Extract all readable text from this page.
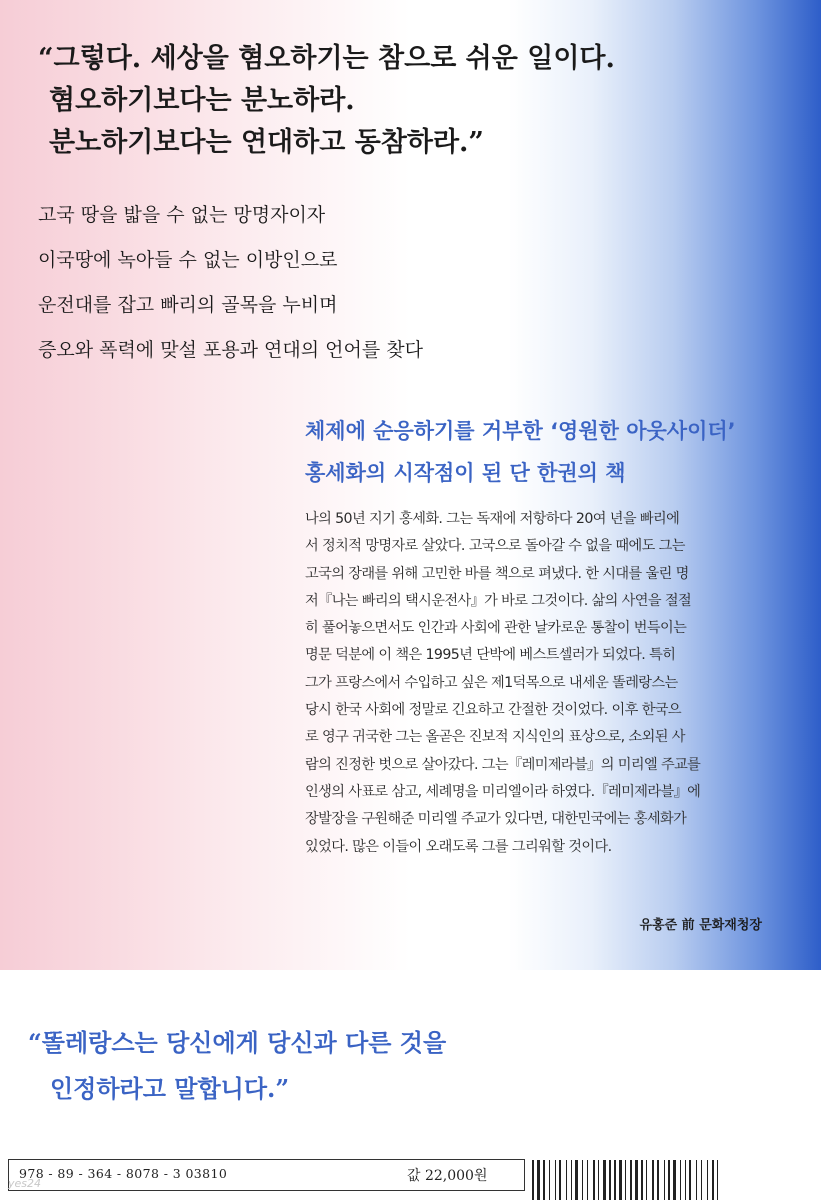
“그렇다. 세상을 혐오하기는 참으로 쉬운 일이다.
혐오하기보다는 분노하라.
분노하기보다는 연대하고 동참하라.”
고국 땅을 밟을 수 없는 망명자이자
이국땅에 녹아들 수 없는 이방인으로
운전대를 잡고 빠리의 골목을 누비며
증오와 폭력에 맞설 포용과 연대의 언어를 찾다
체제에 순응하기를 거부한 ‘영원한 아웃사이더’
홍세화의 시작점이 된 단 한권의 책
나의 50년 지기 홍세화. 그는 독재에 저항하다 20여 년을 빠리에
서 정치적 망명자로 살았다. 고국으로 돌아갈 수 없을 때에도 그는
고국의 장래를 위해 고민한 바를 책으로 펴냈다. 한 시대를 울린 명
저『나는 빠리의 택시운전사』가 바로 그것이다. 삶의 사연을 절절
히 풀어놓으면서도 인간과 사회에 관한 날카로운 통찰이 번득이는
명문 덕분에 이 책은 1995년 단박에 베스트셀러가 되었다. 특히
그가 프랑스에서 수입하고 싶은 제1덕목으로 내세운 똘레랑스는
당시 한국 사회에 정말로 긴요하고 간절한 것이었다. 이후 한국으
로 영구 귀국한 그는 올곧은 진보적 지식인의 표상으로, 소외된 사
람의 진정한 벗으로 살아갔다. 그는『레미제라블』의 미리엘 주교를
인생의 사표로 삼고, 세례명을 미리엘이라 하였다.『레미제라블』에
장발장을 구원해준 미리엘 주교가 있다면, 대한민국에는 홍세화가
있었다. 많은 이들이 오래도록 그를 그리워할 것이다.
유홍준 前 문화재청장
“똘레랑스는 당신에게 당신과 다른 것을
인정하라고 말합니다.”
978 - 89 - 364 - 8078 - 3 03810	값 22,000원
yes24
